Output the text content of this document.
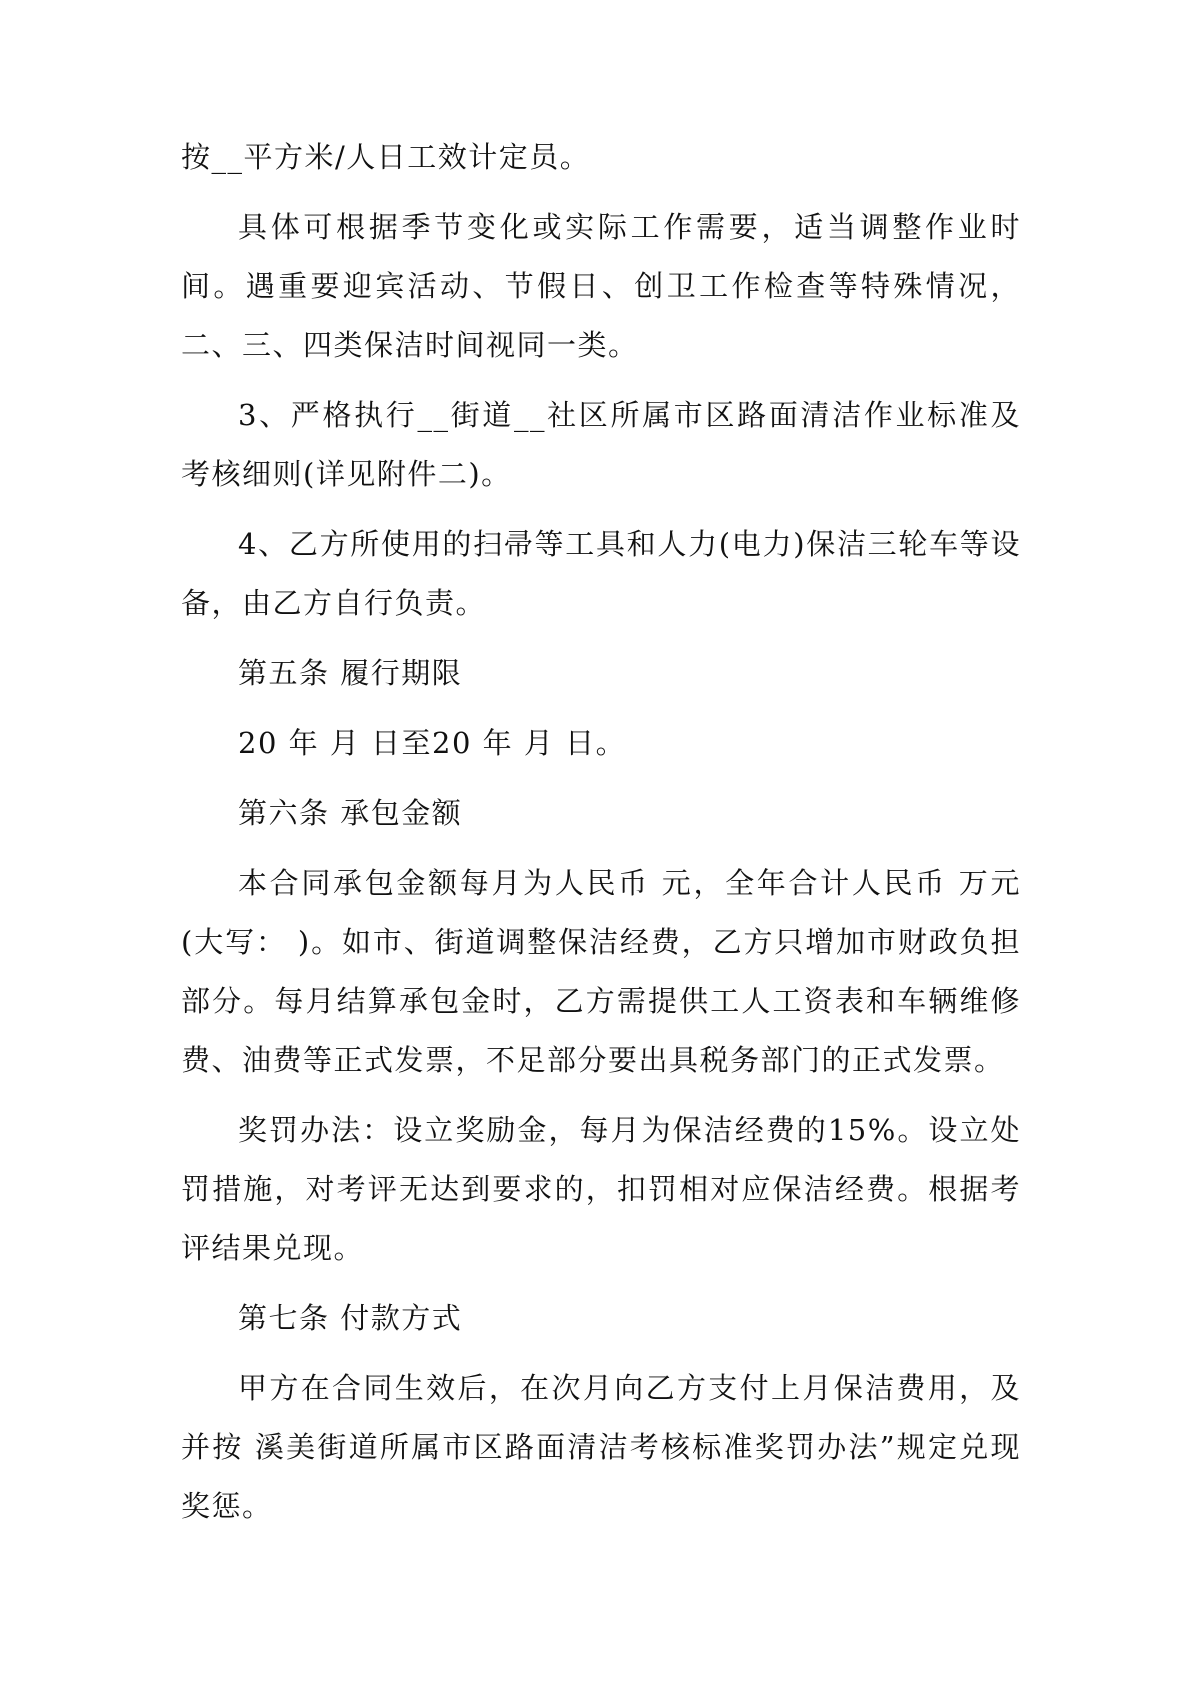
按__平方米/人日工效计定员。

具体可根据季节变化或实际工作需要，适当调整作业时间。遇重要迎宾活动、节假日、创卫工作检查等特殊情况，二、三、四类保洁时间视同一类。

3、严格执行__街道__社区所属市区路面清洁作业标准及考核细则(详见附件二)。

4、乙方所使用的扫帚等工具和人力(电力)保洁三轮车等设备，由乙方自行负责。

第五条 履行期限

20 年 月 日至20 年 月 日。

第六条 承包金额

本合同承包金额每月为人民币 元，全年合计人民币 万元(大写： )。如市、街道调整保洁经费，乙方只增加市财政负担部分。每月结算承包金时，乙方需提供工人工资表和车辆维修费、油费等正式发票，不足部分要出具税务部门的正式发票。

奖罚办法：设立奖励金，每月为保洁经费的15%。设立处罚措施，对考评无达到要求的，扣罚相对应保洁经费。根据考评结果兑现。

第七条 付款方式

甲方在合同生效后，在次月向乙方支付上月保洁费用，及并按 溪美街道所属市区路面清洁考核标准奖罚办法”规定兑现奖惩。
